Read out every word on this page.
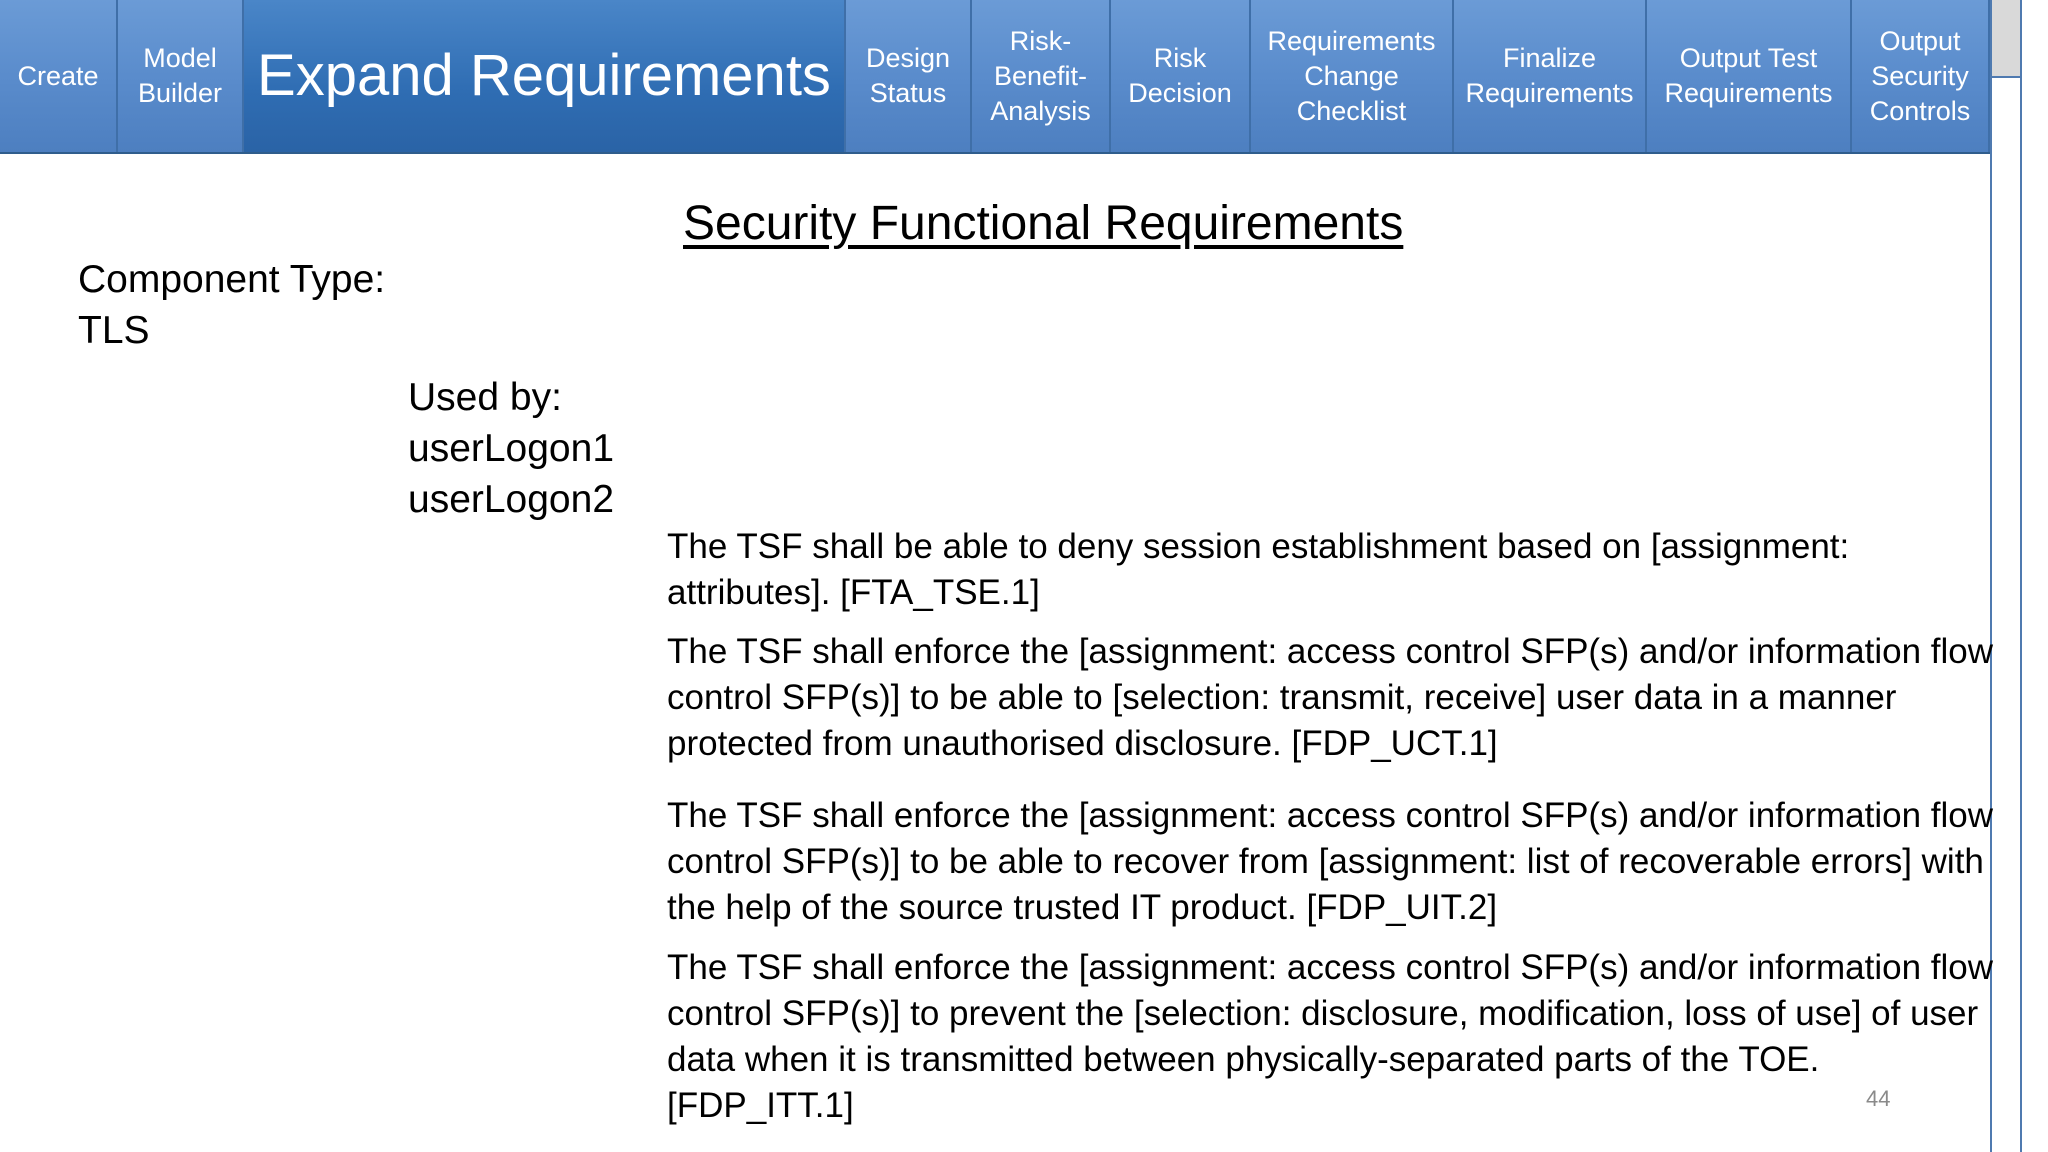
Create
Model
Builder Expand Requirements	Design
Status
Risk-
Benefit-
Analysis
Risk
Decision
Requirements
Change
Checklist
Finalize
Requirements
Output Test
Requirements
Output
Security
Controls
Security Functional Requirements
Component Type:
TLS
Used by:
userLogon1
userLogon2
The TSF shall be able to deny session establishment based on [assignment: attributes]. [FTA_TSE.1]
The TSF shall enforce the [assignment: access control SFP(s) and/or information flow control SFP(s)] to be able to [selection: transmit, receive] user data in a manner protected from unauthorised disclosure. [FDP_UCT.1]
The TSF shall enforce the [assignment: access control SFP(s) and/or information flow control SFP(s)] to be able to recover from [assignment: list of recoverable errors] with the help of the source trusted IT product. [FDP_UIT.2]
The TSF shall enforce the [assignment: access control SFP(s) and/or information flow control SFP(s)] to prevent the [selection: disclosure, modification, loss of use] of user data when it is transmitted between physically-separated parts of the TOE. [FDP_ITT.1]	44
